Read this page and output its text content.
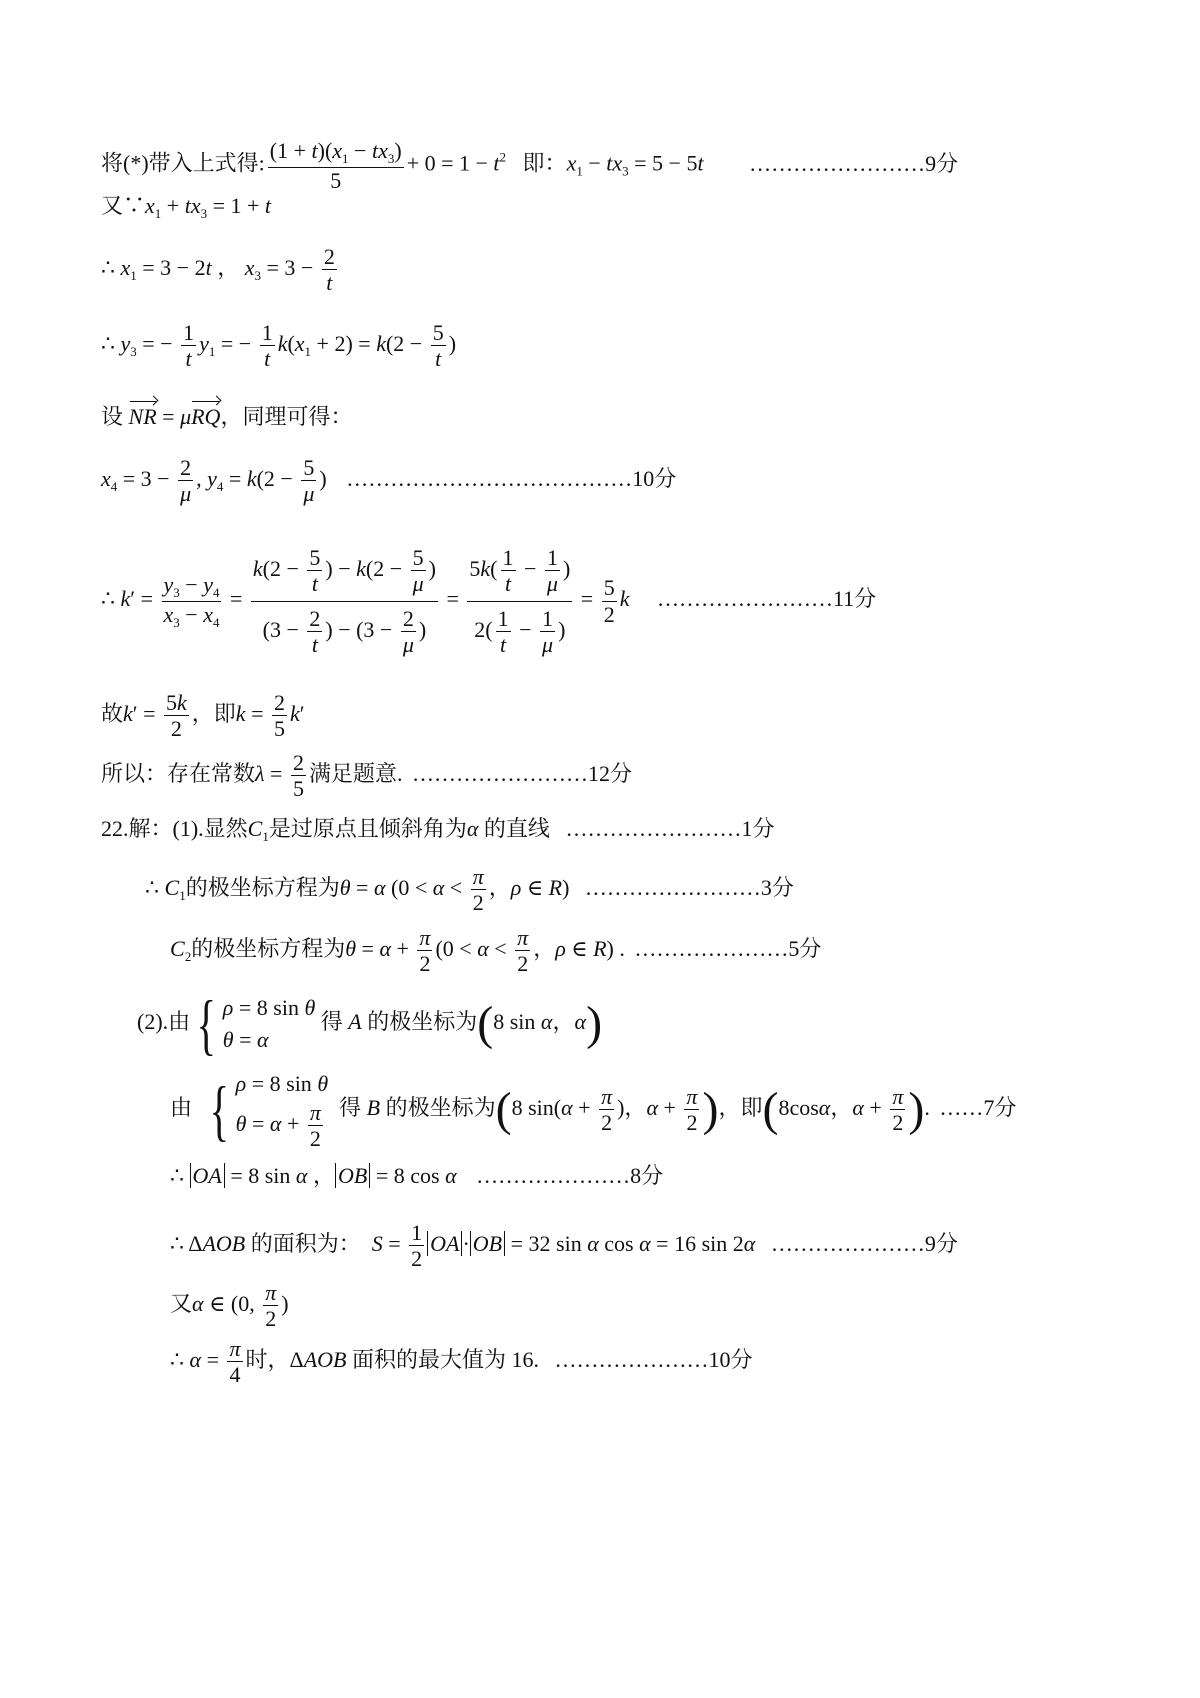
将(*)带入上式得: $\frac{(1 + t)(x_1 - tx_3)}{5} + 0 = 1 - t^2$ 即：$x_1 - tx_3 = 5 - 5t$ ……………………9分
又$\because x_1 + tx_3 = 1 + t$
∴ $x_1 = 3 - 2t$ ， $x_3 = 3 - \frac{2}{t}$
∴ $y_3$ = − $\frac{1}{t} y_1$ = − $\frac{1}{t} k(x_1 + 2) = k(2 - \frac{5}{t}$ )
设 NR = μRQ，同理可得：
$x_4 = 3 - \frac{2}{\mu}$ , $y_4 = k(2 - \frac{5}{\mu}$ ) …………………………………10分
∴ $k' = \frac{y_3 - y_4}{x_3 - x_4} = \frac{k(2 - \frac{5}{t} ) - k(2 - \frac{5}{\mu} )}{(3 - \frac{2}{t} ) - (3 - \frac{2}{\mu} )} = \frac{5k( \frac{1}{t} - \frac{1}{\mu} )}{2( \frac{1}{t} - \frac{1}{\mu} )} = \frac{5}{2}$ k ……………………11分
故$k' = \frac{5k}{2}$ ，即$k = \frac{2}{5} k'$
所以：存在常数$\lambda = \frac{2}{5}$ 满足题意. ……………………12分
22.解：(1).显然$C_1$是过原点且倾斜角为α 的直线 ……………………1分
∴ $C_1$的极坐标方程为θ = α ($0 < \alpha < \frac{\pi}{2}$ ，ρ ∈ R) ……………………3分
$C_2$的极坐标方程为$\theta = \alpha + \frac{\pi}{2} (0 < \alpha < \frac{\pi}{2}$ ，ρ ∈ R) . …………………5分
(2).由{ ρ = 8 sin θ
θ = α
得 A 的极坐标为(8 sin α，α)
由 { ρ = 8 sin θ
$\theta = \alpha + \frac{\pi}{2}$ 得 B 的极坐标为(8 $\sin(\alpha + \frac{\pi}{2}$ )，$\alpha + \frac{\pi}{2}$ )，即(8cosα，$\alpha + \frac{\pi}{2}$ ). ……7分
∴ OA = 8 sin α ， OB = 8 cos α …………………8分
∴ ΔAOB 的面积为： $S = \frac{1}{2}$ OA · OB = 32 sin α cos α = 16 sin 2α …………………9分
又α ∈ (0, $\frac{\pi}{2}$ )
∴ $\alpha = \frac{\pi}{4}$ 时，ΔAOB 面积的最大值为 16. …………………10分
